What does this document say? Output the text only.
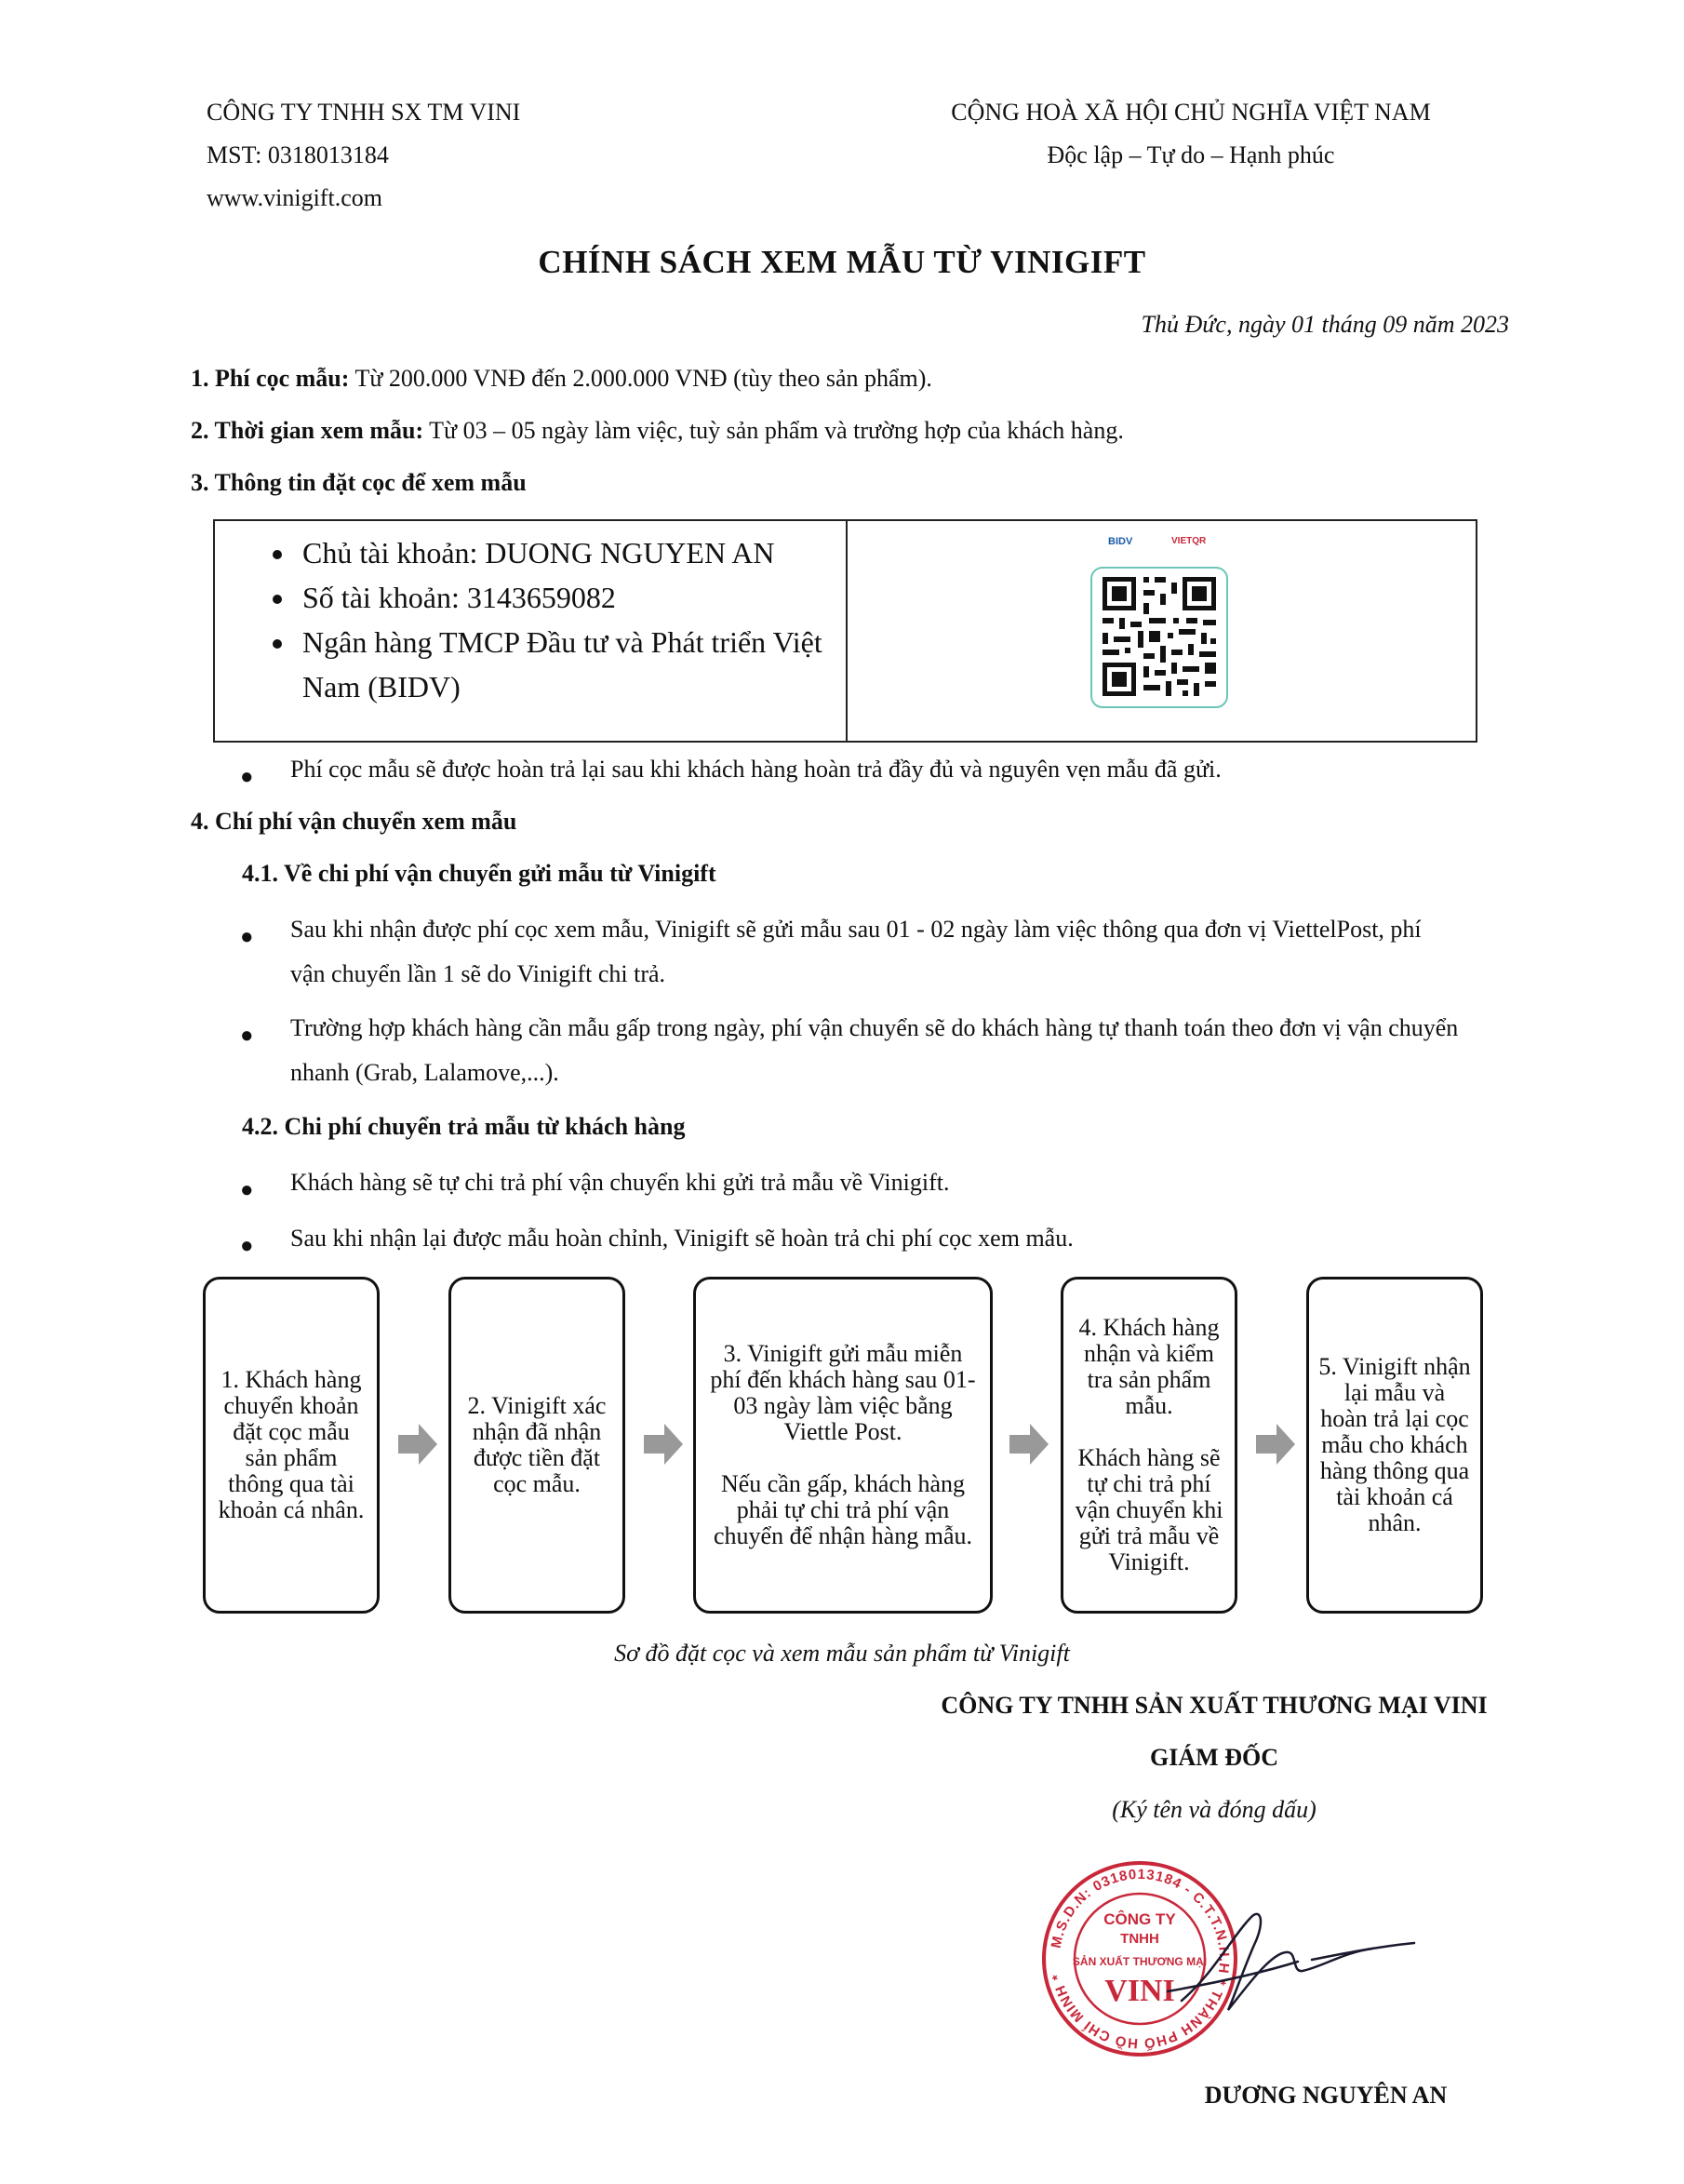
CÔNG TY TNHH SX TM VINI
MST: 0318013184
www.vinigift.com
CỘNG HOÀ XÃ HỘI CHỦ NGHĨA VIỆT NAM
Độc lập – Tự do – Hạnh phúc
CHÍNH SÁCH XEM MẪU TỪ VINIGIFT
Thủ Đức, ngày 01 tháng 09 năm 2023
1. Phí cọc mẫu: Từ 200.000 VNĐ đến 2.000.000 VNĐ (tùy theo sản phẩm).
2. Thời gian xem mẫu: Từ 03 – 05 ngày làm việc, tuỳ sản phẩm và trường hợp của khách hàng.
3. Thông tin đặt cọc để xem mẫu
• Chủ tài khoản: DUONG NGUYEN AN
• Số tài khoản: 3143659082
• Ngân hàng TMCP Đầu tư và Phát triển Việt Nam (BIDV)
BIDV	VIETQR
● Phí cọc mẫu sẽ được hoàn trả lại sau khi khách hàng hoàn trả đầy đủ và nguyên vẹn mẫu đã gửi.
4. Chí phí vận chuyển xem mẫu
4.1. Về chi phí vận chuyển gửi mẫu từ Vinigift
● Sau khi nhận được phí cọc xem mẫu, Vinigift sẽ gửi mẫu sau 01 - 02 ngày làm việc thông qua đơn vị ViettelPost, phí
vận chuyển lần 1 sẽ do Vinigift chi trả.
● Trường hợp khách hàng cần mẫu gấp trong ngày, phí vận chuyển sẽ do khách hàng tự thanh toán theo đơn vị vận chuyển
nhanh (Grab, Lalamove,...).
4.2. Chi phí chuyển trả mẫu từ khách hàng
● Khách hàng sẽ tự chi trả phí vận chuyển khi gửi trả mẫu về Vinigift.
● Sau khi nhận lại được mẫu hoàn chỉnh, Vinigift sẽ hoàn trả chi phí cọc xem mẫu.

1. Khách hàng chuyển khoản đặt cọc mẫu sản phẩm thông qua tài khoản cá nhân.

2. Vinigift xác nhận đã nhận được tiền đặt cọc mẫu.

3. Vinigift gửi mẫu miễn phí đến khách hàng sau 01- 03 ngày làm việc bằng Viettle Post.

Nếu cần gấp, khách hàng phải tự chi trả phí vận chuyển để nhận hàng mẫu.

4. Khách hàng nhận và kiểm tra sản phẩm mẫu.

Khách hàng sẽ tự chi trả phí vận chuyển khi gửi trả mẫu về Vinigift.

5. Vinigift nhận lại mẫu và hoàn trả lại cọc mẫu cho khách hàng thông qua tài khoản cá nhân.

Sơ đồ đặt cọc và xem mẫu sản phẩm từ Vinigift
CÔNG TY TNHH SẢN XUẤT THƯƠNG MẠI VINI
GIÁM ĐỐC
(Ký tên và đóng dấu)
M.S.D.N: 0318013184 - C.T.T.N.H.H * THÀNH PHỐ HỒ CHÍ MINH *
CÔNG TY
TNHH
SẢN XUẤT THƯƠNG MẠI
VINI
DƯƠNG NGUYÊN AN
